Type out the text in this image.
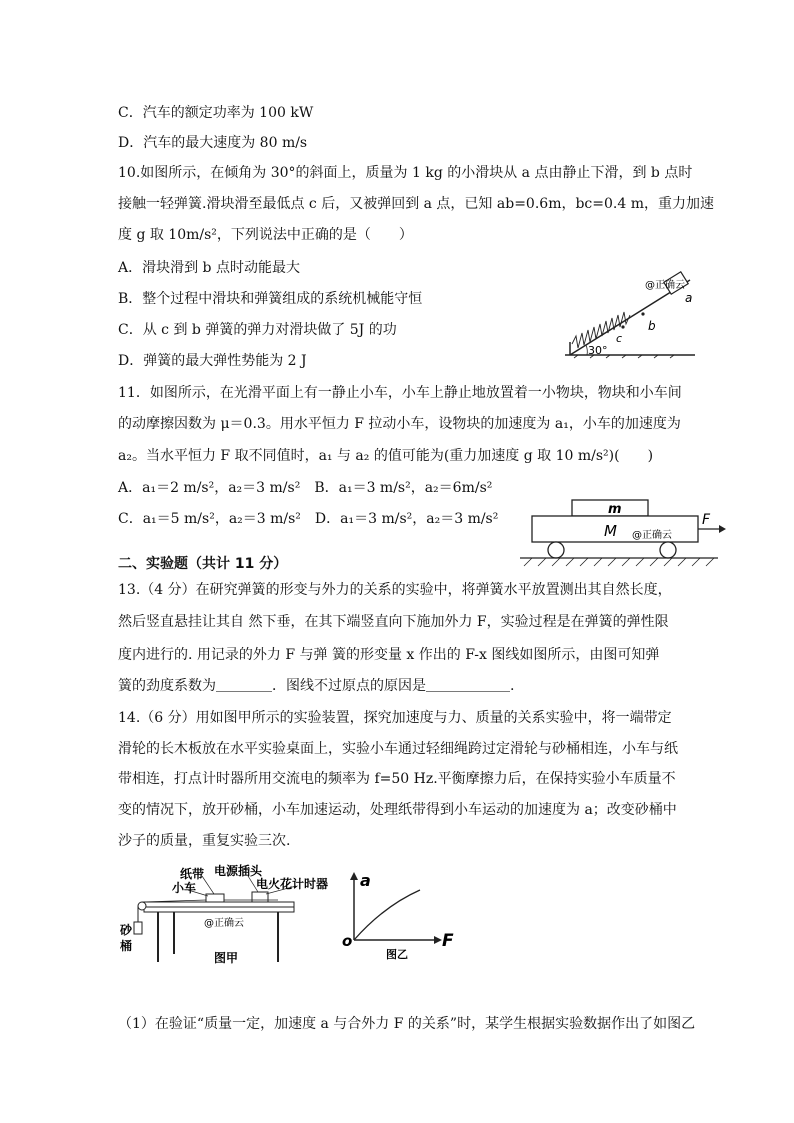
C．汽车的额定功率为 100 kW
D．汽车的最大速度为 80 m/s
10.如图所示，在倾角为 30°的斜面上，质量为 1 kg 的小滑块从 a 点由静止下滑，到 b 点时
接触一轻弹簧.滑块滑至最低点 c 后，又被弹回到 a 点，已知 ab=0.6m，bc=0.4 m，重力加速
度 g 取 10m/s²，下列说法中正确的是（　　）
A．滑块滑到 b 点时动能最大
B．整个过程中滑块和弹簧组成的系统机械能守恒
C．从 c 到 b 弹簧的弹力对滑块做了 5J 的功
D．弹簧的最大弹性势能为 2 J
11．如图所示，在光滑平面上有一静止小车，小车上静止地放置着一小物块，物块和小车间
的动摩擦因数为 μ＝0.3。用水平恒力 F 拉动小车，设物块的加速度为 a₁，小车的加速度为
a₂。当水平恒力 F 取不同值时，a₁ 与 a₂ 的值可能为(重力加速度 g 取 10 m/s²)(　　)
A．a₁＝2 m/s²，a₂＝3 m/s²　B．a₁＝3 m/s²，a₂＝6m/s²
C．a₁＝5 m/s²，a₂＝3 m/s²　D．a₁＝3 m/s²，a₂＝3 m/s²
二、实验题（共计 11 分）
13.（4 分）在研究弹簧的形变与外力的关系的实验中，将弹簧水平放置测出其自然长度，
然后竖直悬挂让其自 然下垂，在其下端竖直向下施加外力 F，实验过程是在弹簧的弹性限
度内进行的. 用记录的外力 F 与弹 簧的形变量 x 作出的 F-x 图线如图所示，由图可知弹
簧的劲度系数为＿＿＿＿．图线不过原点的原因是＿＿＿＿＿＿.
14.（6 分）用如图甲所示的实验装置，探究加速度与力、质量的关系实验中，将一端带定
滑轮的长木板放在水平实验桌面上，实验小车通过轻细绳跨过定滑轮与砂桶相连，小车与纸
带相连，打点计时器所用交流电的频率为 f=50 Hz.平衡摩擦力后，在保持实验小车质量不
变的情况下，放开砂桶，小车加速运动，处理纸带得到小车运动的加速度为 a；改变砂桶中
沙子的质量，重复实验三次.
（1）在验证“质量一定，加速度 a 与合外力 F 的关系”时，某学生根据实验数据作出了如图乙
@正确云
a
b
c
30°
m
M @正确云
F
纸带 电源插头
小车	电火花计时器
砂
桶
@正确云
图甲
a
o	F
图乙
